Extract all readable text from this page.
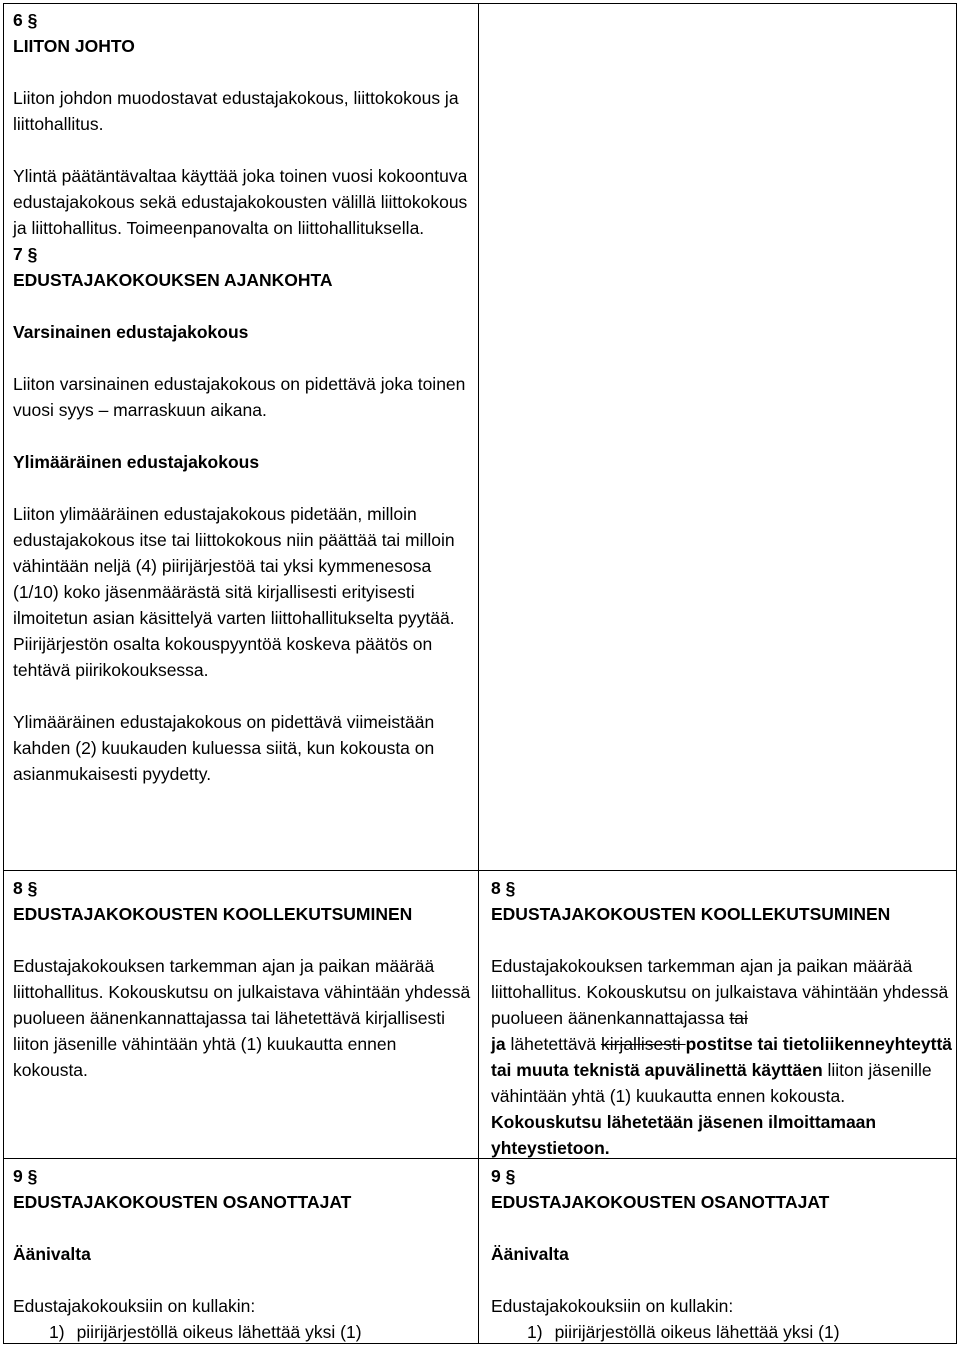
6 §

LIITON JOHTO

Liiton johdon muodostavat edustajakokous, liittokokous ja liittohallitus.

Ylintä päätäntävaltaa käyttää joka toinen vuosi kokoontuva edustajakokous sekä edustajakokousten välillä liittokokous ja liittohallitus. Toimeenpanovalta on liittohallituksella.

7 §

EDUSTAJAKOKOUKSEN AJANKOHTA

Varsinainen edustajakokous

Liiton varsinainen edustajakokous on pidettävä joka toinen vuosi syys – marraskuun aikana.

Ylimääräinen edustajakokous

Liiton ylimääräinen edustajakokous pidetään, milloin edustajakokous itse tai liittokokous niin päättää tai milloin vähintään neljä (4) piirijärjestöä tai yksi kymmenesosa (1/10) koko jäsenmäärästä sitä kirjallisesti erityisesti ilmoitetun asian käsittelyä varten liittohallitukselta pyytää. Piirijärjestön osalta kokouspyyntöä koskeva päätös on tehtävä piirikokouksessa.

Ylimääräinen edustajakokous on pidettävä viimeistään kahden (2) kuukauden kuluessa siitä, kun kokousta on asianmukaisesti pyydetty.

8 §

EDUSTAJAKOKOUSTEN KOOLLEKUTSUMINEN

Edustajakokouksen tarkemman ajan ja paikan määrää liittohallitus. Kokouskutsu on julkaistava vähintään yhdessä puolueen äänenkannattajassa tai lähetettävä kirjallisesti liiton jäsenille vähintään yhtä (1) kuukautta ennen kokousta.

8 §

EDUSTAJAKOKOUSTEN KOOLLEKUTSUMINEN

Edustajakokouksen tarkemman ajan ja paikan määrää liittohallitus. Kokouskutsu on julkaistava vähintään yhdessä puolueen äänenkannattajassa tai
ja lähetettävä kirjallisesti postitse tai tietoliikenneyhteyttä tai muuta teknistä apuvälinettä käyttäen liiton jäsenille vähintään yhtä (1) kuukautta ennen kokousta. Kokouskutsu lähetetään jäsenen ilmoittamaan yhteystietoon.

9 §

EDUSTAJAKOKOUSTEN OSANOTTAJAT

Äänivalta

Edustajakokouksiin on kullakin:

1) piirijärjestöllä oikeus lähettää yksi (1)

9 §

EDUSTAJAKOKOUSTEN OSANOTTAJAT

Äänivalta

Edustajakokouksiin on kullakin:

1) piirijärjestöllä oikeus lähettää yksi (1)
